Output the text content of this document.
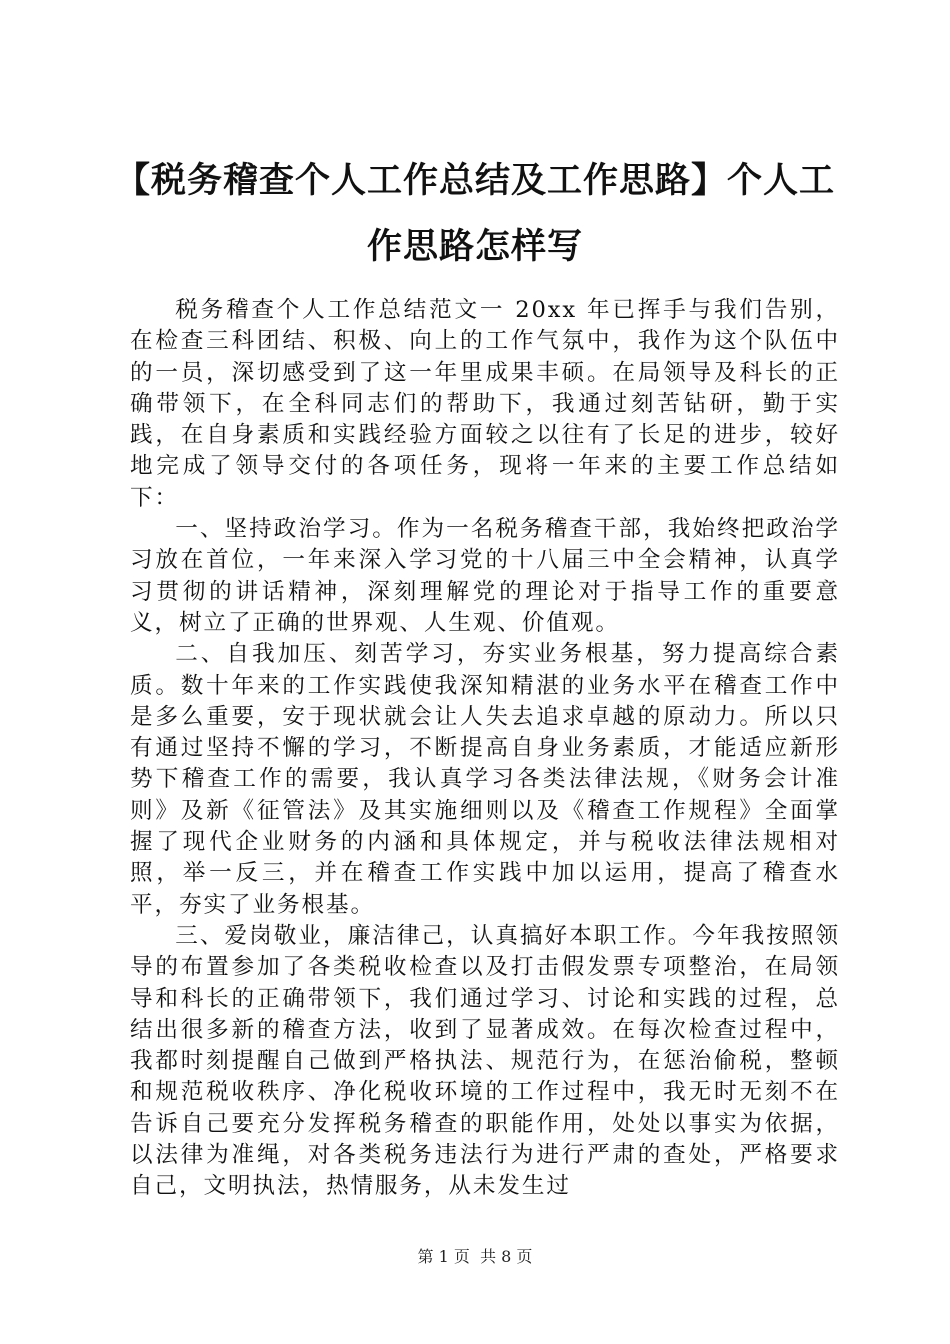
【税务稽查个人工作总结及工作思路】个人工作思路怎样写

税务稽查个人工作总结范文一 20xx 年已挥手与我们告别，在检查三科团结、积极、向上的工作气氛中，我作为这个队伍中的一员，深切感受到了这一年里成果丰硕。在局领导及科长的正确带领下，在全科同志们的帮助下，我通过刻苦钻研，勤于实践，在自身素质和实践经验方面较之以往有了长足的进步，较好地完成了领导交付的各项任务，现将一年来的主要工作总结如下：

一、坚持政治学习。作为一名税务稽查干部，我始终把政治学习放在首位，一年来深入学习党的十八届三中全会精神，认真学习贯彻的讲话精神，深刻理解党的理论对于指导工作的重要意义，树立了正确的世界观、人生观、价值观。

二、自我加压、刻苦学习，夯实业务根基，努力提高综合素质。数十年来的工作实践使我深知精湛的业务水平在稽查工作中是多么重要，安于现状就会让人失去追求卓越的原动力。所以只有通过坚持不懈的学习，不断提高自身业务素质，才能适应新形势下稽查工作的需要，我认真学习各类法律法规，《财务会计准则》及新《征管法》及其实施细则以及《稽查工作规程》全面掌握了现代企业财务的内涵和具体规定，并与税收法律法规相对照，举一反三，并在稽查工作实践中加以运用，提高了稽查水平，夯实了业务根基。

三、爱岗敬业，廉洁律己，认真搞好本职工作。今年我按照领导的布置参加了各类税收检查以及打击假发票专项整治，在局领导和科长的正确带领下，我们通过学习、讨论和实践的过程，总结出很多新的稽查方法，收到了显著成效。在每次检查过程中，我都时刻提醒自己做到严格执法、规范行为，在惩治偷税，整顿和规范税收秩序、净化税收环境的工作过程中，我无时无刻不在告诉自己要充分发挥税务稽查的职能作用，处处以事实为依据，以法律为准绳，对各类税务违法行为进行严肃的查处，严格要求自己，文明执法，热情服务，从未发生过

第 1 页  共 8 页
